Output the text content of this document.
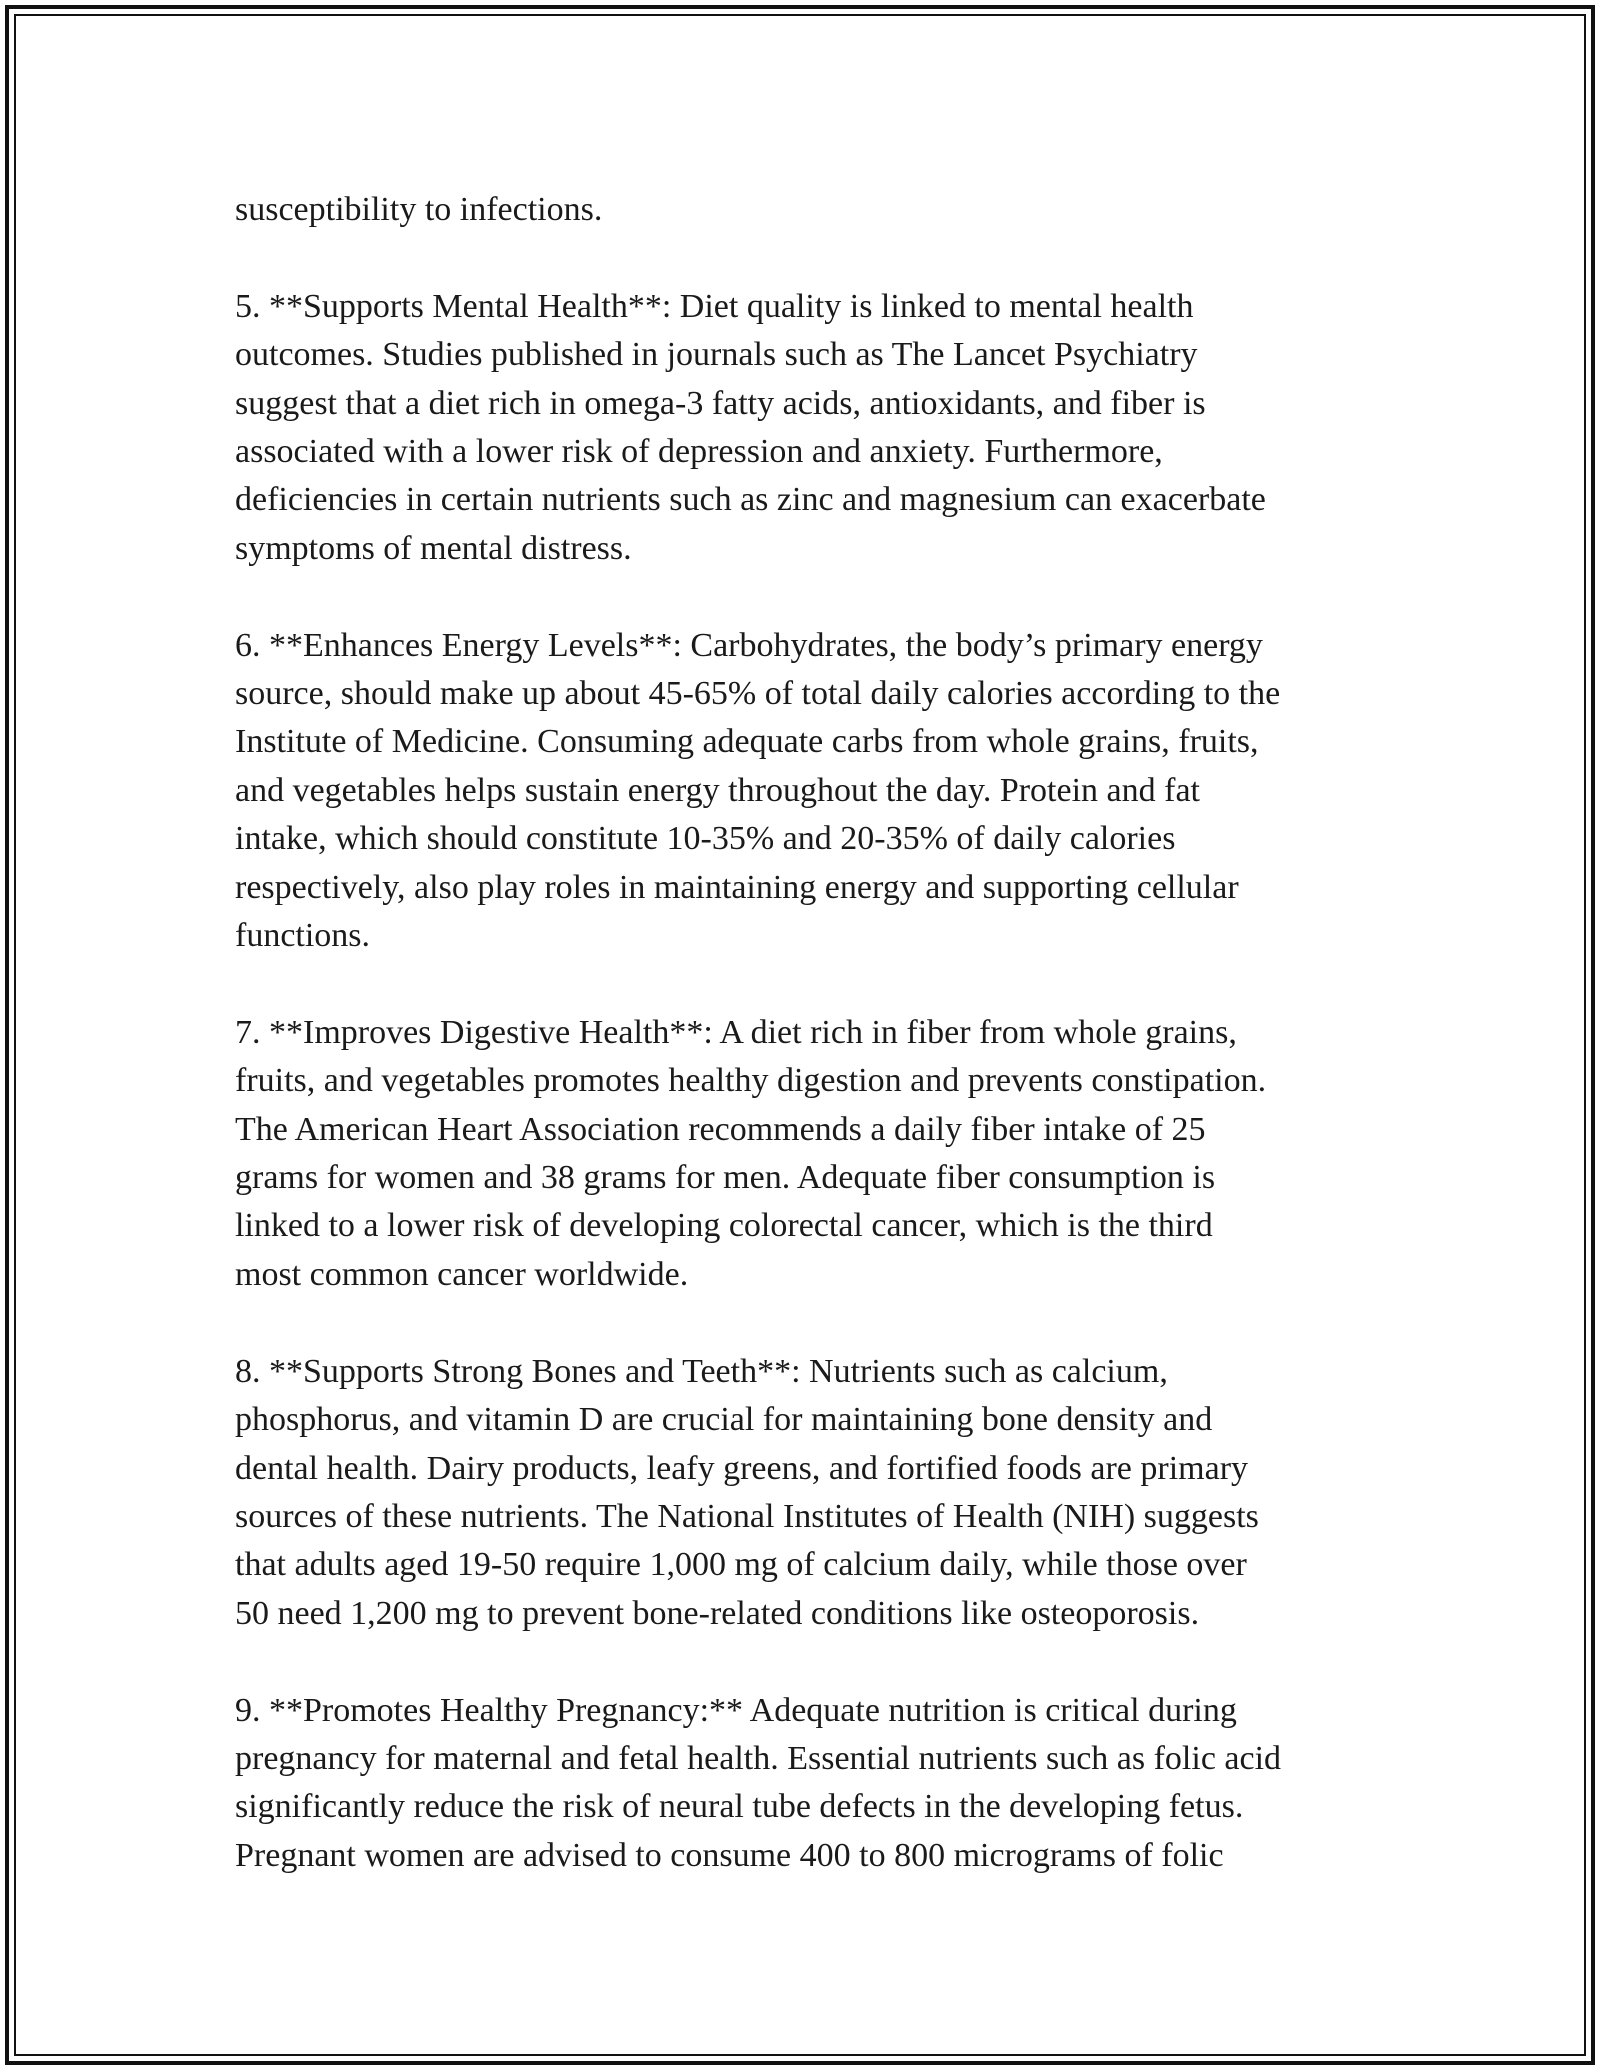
susceptibility to infections.

5. **Supports Mental Health**: Diet quality is linked to mental health
outcomes. Studies published in journals such as The Lancet Psychiatry
suggest that a diet rich in omega-3 fatty acids, antioxidants, and fiber is
associated with a lower risk of depression and anxiety. Furthermore,
deficiencies in certain nutrients such as zinc and magnesium can exacerbate
symptoms of mental distress.

6. **Enhances Energy Levels**: Carbohydrates, the body’s primary energy
source, should make up about 45-65% of total daily calories according to the
Institute of Medicine. Consuming adequate carbs from whole grains, fruits,
and vegetables helps sustain energy throughout the day. Protein and fat
intake, which should constitute 10-35% and 20-35% of daily calories
respectively, also play roles in maintaining energy and supporting cellular
functions.

7. **Improves Digestive Health**: A diet rich in fiber from whole grains,
fruits, and vegetables promotes healthy digestion and prevents constipation.
The American Heart Association recommends a daily fiber intake of 25
grams for women and 38 grams for men. Adequate fiber consumption is
linked to a lower risk of developing colorectal cancer, which is the third
most common cancer worldwide.

8. **Supports Strong Bones and Teeth**: Nutrients such as calcium,
phosphorus, and vitamin D are crucial for maintaining bone density and
dental health. Dairy products, leafy greens, and fortified foods are primary
sources of these nutrients. The National Institutes of Health (NIH) suggests
that adults aged 19-50 require 1,000 mg of calcium daily, while those over
50 need 1,200 mg to prevent bone-related conditions like osteoporosis.

9. **Promotes Healthy Pregnancy:** Adequate nutrition is critical during
pregnancy for maternal and fetal health. Essential nutrients such as folic acid
significantly reduce the risk of neural tube defects in the developing fetus.
Pregnant women are advised to consume 400 to 800 micrograms of folic
